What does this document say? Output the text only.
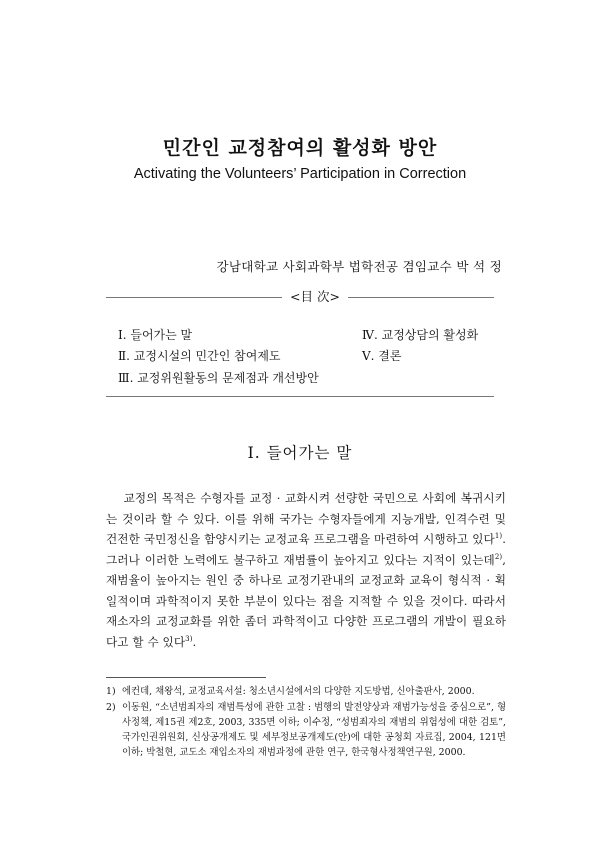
민간인 교정참여의 활성화 방안
Activating the Volunteers’ Participation in Correction
강남대학교 사회과학부 법학전공 겸임교수 박 석 정
<目 次>
Ⅰ. 들어가는 말
Ⅱ. 교정시설의 민간인 참여제도
Ⅲ. 교정위원활동의 문제점과 개선방안
Ⅳ. 교정상담의 활성화
Ⅴ. 결론
Ⅰ. 들어가는 말

교정의 목적은 수형자를 교정 · 교화시켜 선량한 국민으로 사회에 복귀시키는 것이라 할 수 있다. 이를 위해 국가는 수형자들에게 지능개발, 인격수련 및 건전한 국민정신을 함양시키는 교정교육 프로그램을 마련하여 시행하고 있다$^{1)}$. 그러나 이러한 노력에도 불구하고 재범률이 높아지고 있다는 지적이 있는데$^{2)}$, 재범율이 높아지는 원인 중 하나로 교정기관내의 교정교화 교육이 형식적 · 획일적이며 과학적이지 못한 부분이 있다는 점을 지적할 수 있을 것이다. 따라서 재소자의 교정교화를 위한 좀더 과학적이고 다양한 프로그램의 개발이 필요하다고 할 수 있다$^{3)}$.

1) 에컨데, 채왕석, 교정교육서설: 청소년시설에서의 다양한 지도방법, 신아출판사, 2000.
2) 이동원, “소년범죄자의 재범특성에 관한 고찰 : 범행의 발전양상과 재범가능성을 중심으로”, 형사정책, 제15권 제2호, 2003, 335면 이하; 이수정, “성범죄자의 재범의 위험성에 대한 검토”, 국가인권위원회, 신상공개제도 및 세부정보공개제도(안)에 대한 공청회 자료집, 2004, 121면 이하; 박철현, 교도소 재입소자의 재범과정에 관한 연구, 한국형사정책연구원, 2000.
